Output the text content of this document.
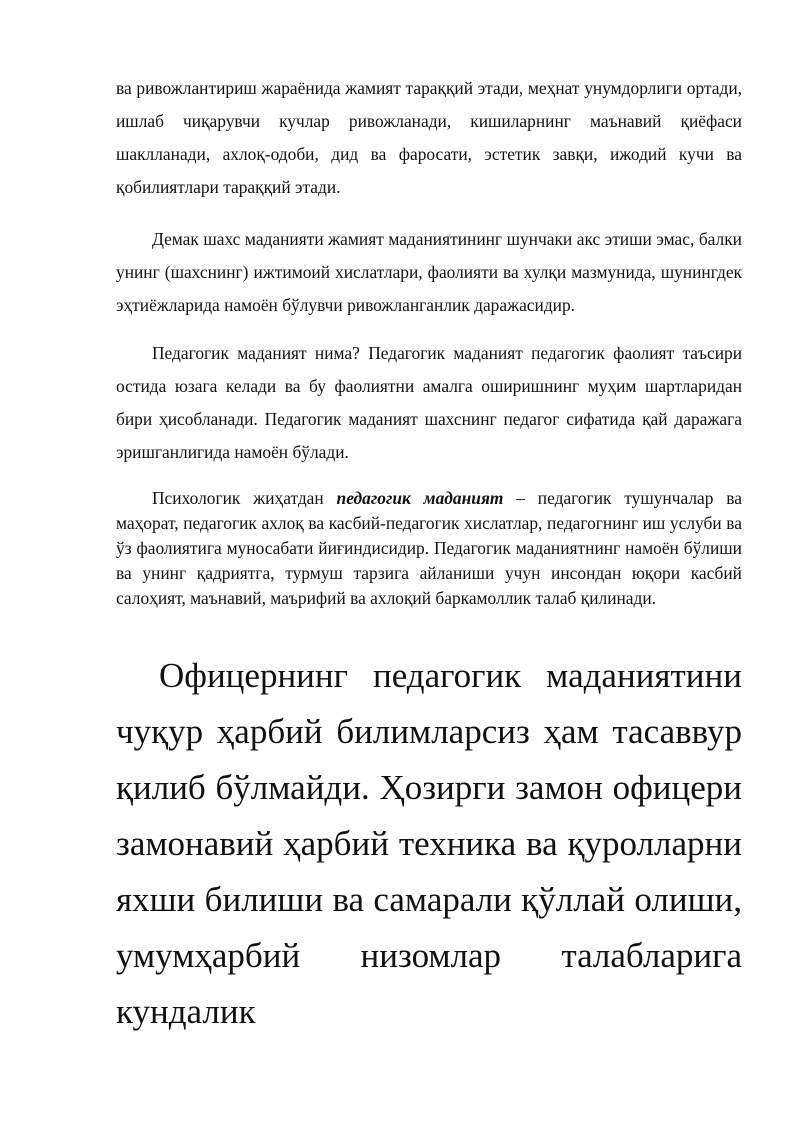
ва ривожлантириш жараёнида жамият тараққий этади, меҳнат унумдорлиги ортади, ишлаб чиқарувчи кучлар ривожланади, кишиларнинг маънавий қиёфаси шаклланади, ахлоқ-одоби, дид ва фаросати, эстетик завқи, ижодий кучи ва қобилиятлари тараққий этади.

Демак шахс маданияти жамият маданиятининг шунчаки акс этиши эмас, балки унинг (шахснинг) ижтимоий хислатлари, фаолияти ва хулқи мазмунида, шунингдек эҳтиёжларида намоён бўлувчи ривожланганлик даражасидир.

Педагогик маданият нима? Педагогик маданият педагогик фаолият таъсири остида юзага келади ва бу фаолиятни амалга оширишнинг муҳим шартларидан бири ҳисобланади. Педагогик маданият шахснинг педагог сифатида қай даражага эришганлигида намоён бўлади.

Психологик жиҳатдан педагогик маданият – педагогик тушунчалар ва маҳорат, педагогик ахлоқ ва касбий-педагогик хислатлар, педагогнинг иш услуби ва ўз фаолиятига муносабати йиғиндисидир. Педагогик маданиятнинг намоён бўлиши ва унинг қадриятга, турмуш тарзига айланиши учун инсондан юқори касбий салоҳият, маънавий, маърифий ва ахлоқий баркамоллик талаб қилинади.

Офицернинг педагогик маданиятини чуқур ҳарбий билимларсиз ҳам тасаввур қилиб бўлмайди. Ҳозирги замон офицери замонавий ҳарбий техника ва қуролларни яхши билиши ва самарали қўллай олиши, умумҳарбий низомлар талабларига кундалик
